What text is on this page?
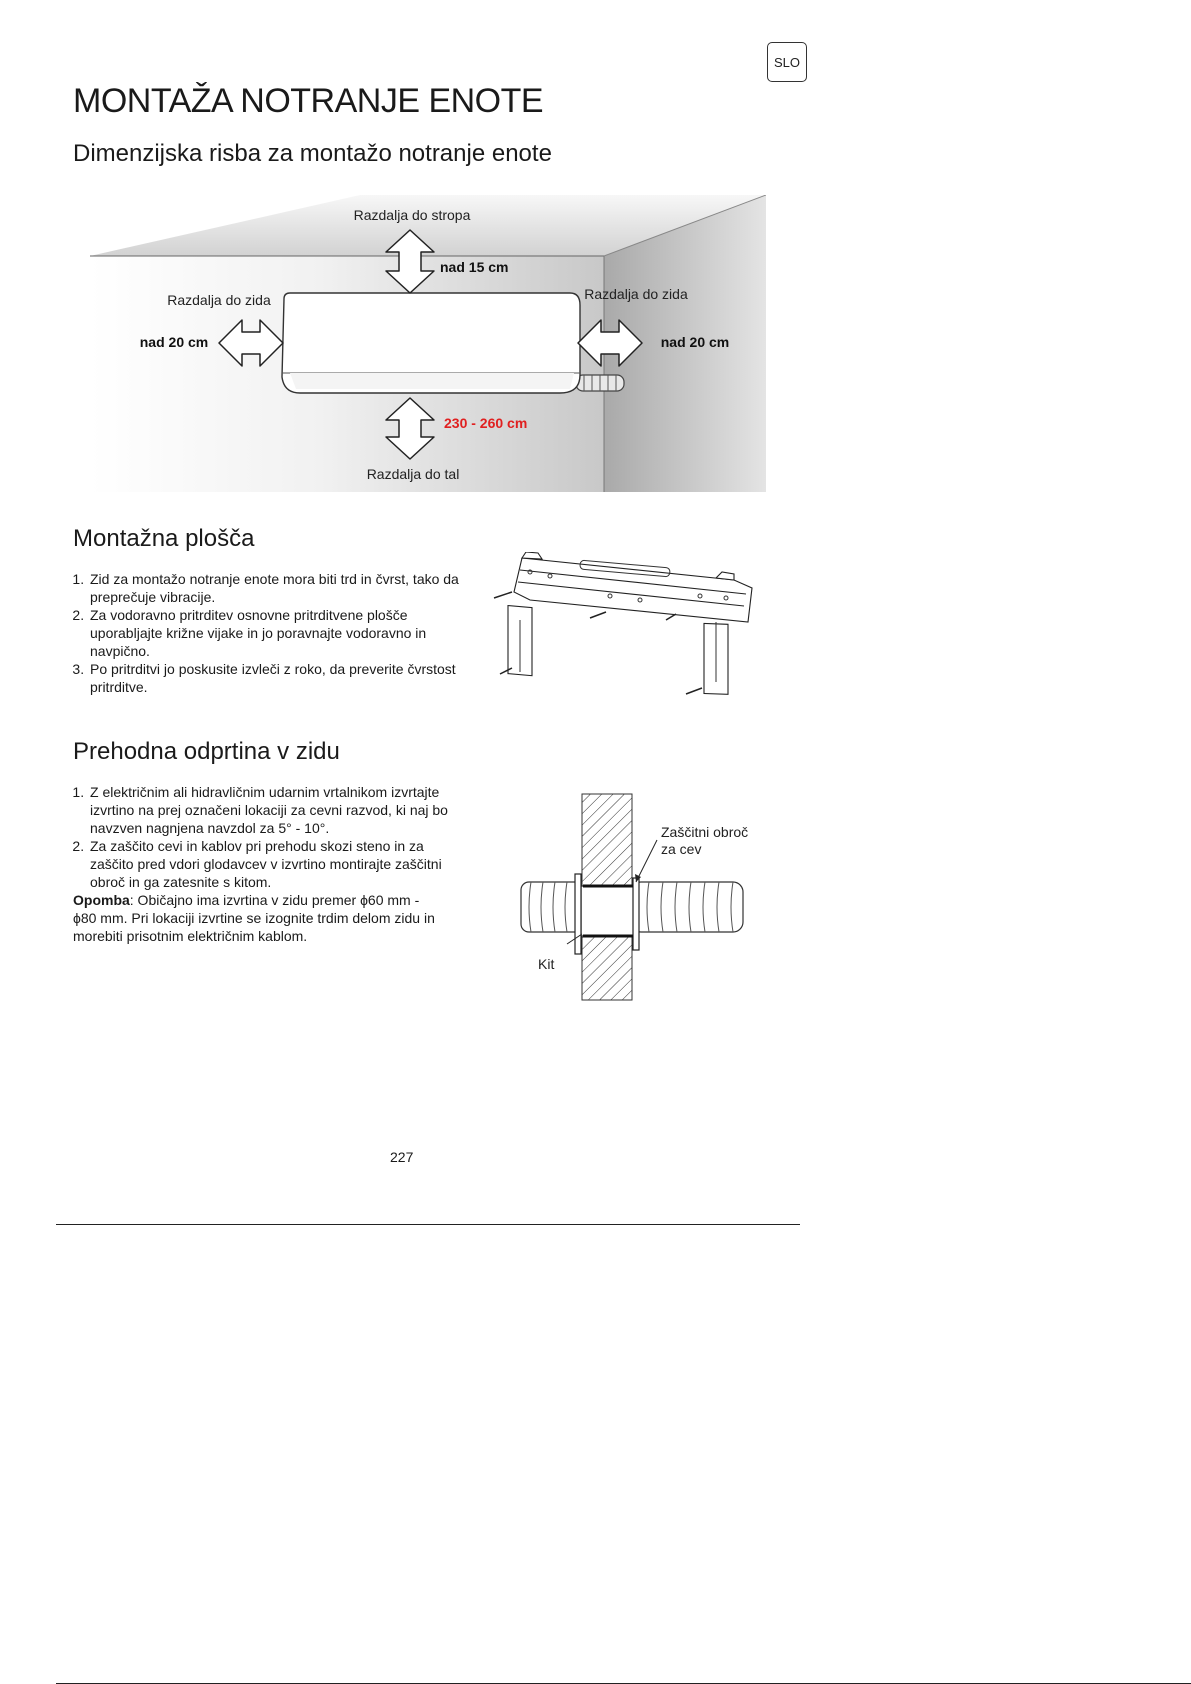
SLO
MONTAŽA NOTRANJE ENOTE
Dimenzijska risba za montažo notranje enote
Razdalja do stropa
nad 15 cm
Razdalja do zida
nad 20 cm
Razdalja do zida
nad 20 cm
230 - 260 cm
Razdalja do tal
Montažna plošča
1. Zid za montažo notranje enote mora biti trd in čvrst, tako da preprečuje vibracije.
2. Za vodoravno pritrditev osnovne pritrditvene plošče uporabljajte križne vijake in jo poravnajte vodoravno in navpično.
3. Po pritrditvi jo poskusite izvleči z roko, da preverite čvrstost pritrditve.
Prehodna odprtina v zidu
1. Z električnim ali hidravličnim udarnim vrtalnikom izvrtajte izvrtino na prej označeni lokaciji za cevni razvod, ki naj bo navzven nagnjena navzdol za 5° - 10°.
2. Za zaščito cevi in kablov pri prehodu skozi steno in za zaščito pred vdori glodavcev v izvrtino montirajte zaščitni obroč in ga zatesnite s kitom.
Opomba: Običajno ima izvrtina v zidu premer ϕ60 mm - ϕ80 mm. Pri lokaciji izvrtine se izognite trdim delom zidu in morebiti prisotnim električnim kablom.
Zaščitni obroč
za cev
Kit
227
